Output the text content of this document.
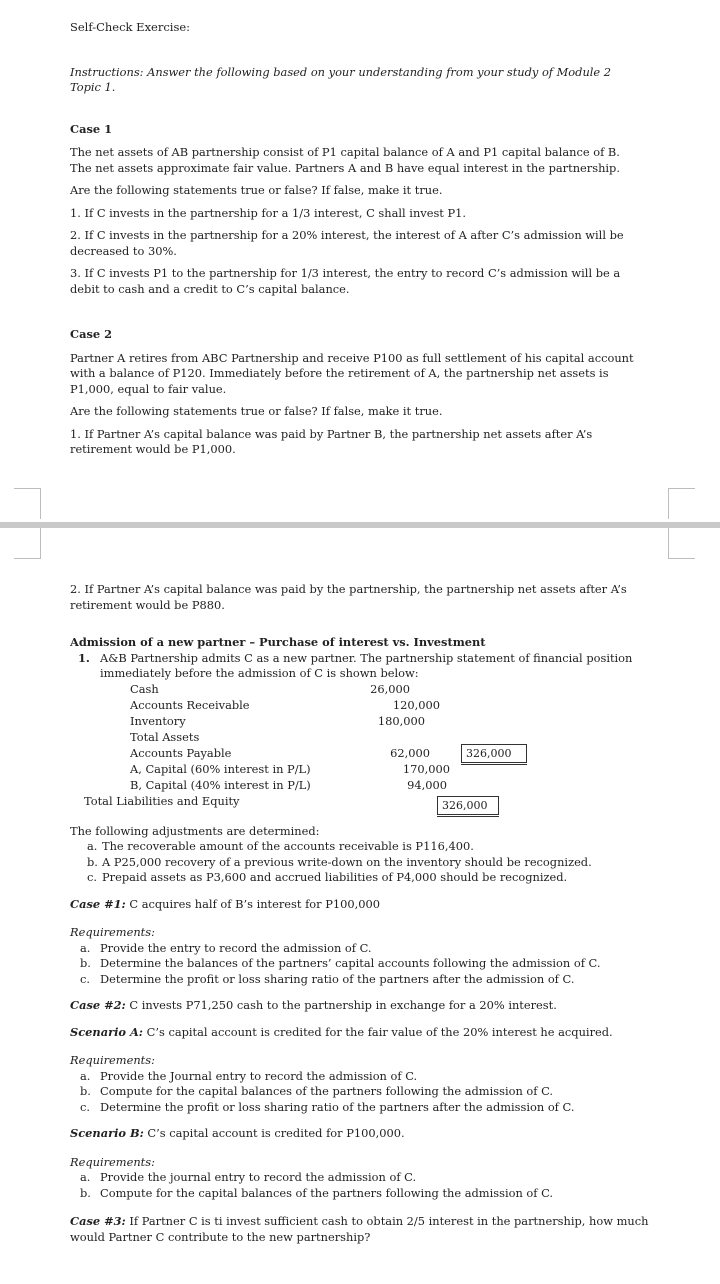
Self-Check Exercise:

Instructions: Answer the following based on your understanding from your study of Module 2 Topic 1.

Case 1

The net assets of AB partnership consist of P1 capital balance of A and P1 capital balance of B. The net assets approximate fair value. Partners A and B have equal interest in the partnership.

Are the following statements true or false? If false, make it true.

1. If C invests in the partnership for a 1/3 interest, C shall invest P1.

2. If C invests in the partnership for a 20% interest, the interest of A after C’s admission will be decreased to 30%.

3. If C invests P1 to the partnership for 1/3 interest, the entry to record C’s admission will be a debit to cash and a credit to C’s capital balance.

Case 2

Partner A retires from ABC Partnership and receive P100 as full settlement of his capital account with a balance of P120. Immediately before the retirement of A, the partnership net assets is P1,000, equal to fair value.

Are the following statements true or false? If false, make it true.

1. If Partner A’s capital balance was paid by Partner B, the partnership net assets after A’s retirement would be P1,000.

2. If Partner A’s capital balance was paid by the partnership, the partnership net assets after A’s retirement would be P880.

Admission of a new partner – Purchase of interest vs. Investment

1. A&B Partnership admits C as a new partner. The partnership statement of financial position immediately before the admission of C is shown below:

Cash	26,000
Accounts Receivable	120,000
Inventory	180,000
Total Assets
Accounts Payable	62,000	326,000
A, Capital (60% interest in P/L)	170,000
B, Capital (40% interest in P/L)	94,000
Total Liabilities and Equity	326,000

The following adjustments are determined:

a. The recoverable amount of the accounts receivable is P116,400.
b. A P25,000 recovery of a previous write-down on the inventory should be recognized.
c. Prepaid assets as P3,600 and accrued liabilities of P4,000 should be recognized.

Case #1: C acquires half of B’s interest for P100,000

Requirements:

a. Provide the entry to record the admission of C.
b. Determine the balances of the partners’ capital accounts following the admission of C.
c. Determine the profit or loss sharing ratio of the partners after the admission of C.

Case #2: C invests P71,250 cash to the partnership in exchange for a 20% interest.

Scenario A: C’s capital account is credited for the fair value of the 20% interest he acquired.

Requirements:

a. Provide the Journal entry to record the admission of C.
b. Compute for the capital balances of the partners following the admission of C.
c. Determine the profit or loss sharing ratio of the partners after the admission of C.

Scenario B: C’s capital account is credited for P100,000.

Requirements:

a. Provide the journal entry to record the admission of C.
b. Compute for the capital balances of the partners following the admission of C.

Case #3: If Partner C is ti invest sufficient cash to obtain 2/5 interest in the partnership, how much would Partner C contribute to the new partnership?
